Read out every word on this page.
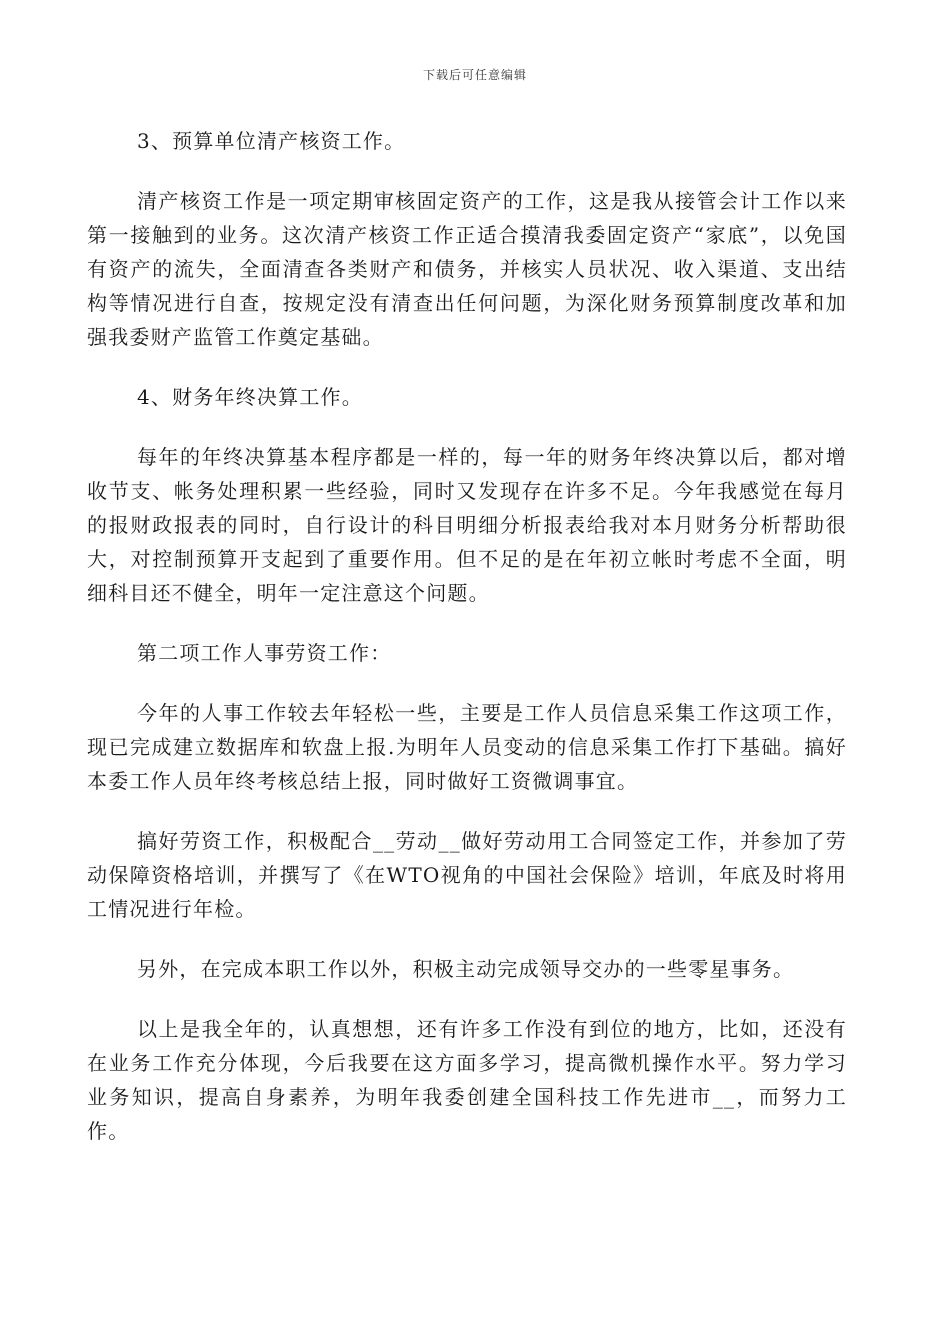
下载后可任意编辑

3、预算单位清产核资工作。

清产核资工作是一项定期审核固定资产的工作，这是我从接管会计工作以来第一接触到的业务。这次清产核资工作正适合摸清我委固定资产“家底”，以免国有资产的流失，全面清查各类财产和债务，并核实人员状况、收入渠道、支出结构等情况进行自查，按规定没有清查出任何问题，为深化财务预算制度改革和加强我委财产监管工作奠定基础。

4、财务年终决算工作。

每年的年终决算基本程序都是一样的，每一年的财务年终决算以后，都对增收节支、帐务处理积累一些经验，同时又发现存在许多不足。今年我感觉在每月的报财政报表的同时，自行设计的科目明细分析报表给我对本月财务分析帮助很大，对控制预算开支起到了重要作用。但不足的是在年初立帐时考虑不全面，明细科目还不健全，明年一定注意这个问题。

第二项工作人事劳资工作：

今年的人事工作较去年轻松一些，主要是工作人员信息采集工作这项工作，现已完成建立数据库和软盘上报.为明年人员变动的信息采集工作打下基础。搞好本委工作人员年终考核总结上报，同时做好工资微调事宜。

搞好劳资工作，积极配合__劳动__做好劳动用工合同签定工作，并参加了劳动保障资格培训，并撰写了《在WTO视角的中国社会保险》培训，年底及时将用工情况进行年检。

另外，在完成本职工作以外，积极主动完成领导交办的一些零星事务。

以上是我全年的，认真想想，还有许多工作没有到位的地方，比如，还没有在业务工作充分体现，今后我要在这方面多学习，提高微机操作水平。努力学习业务知识，提高自身素养，为明年我委创建全国科技工作先进市__，而努力工作。
